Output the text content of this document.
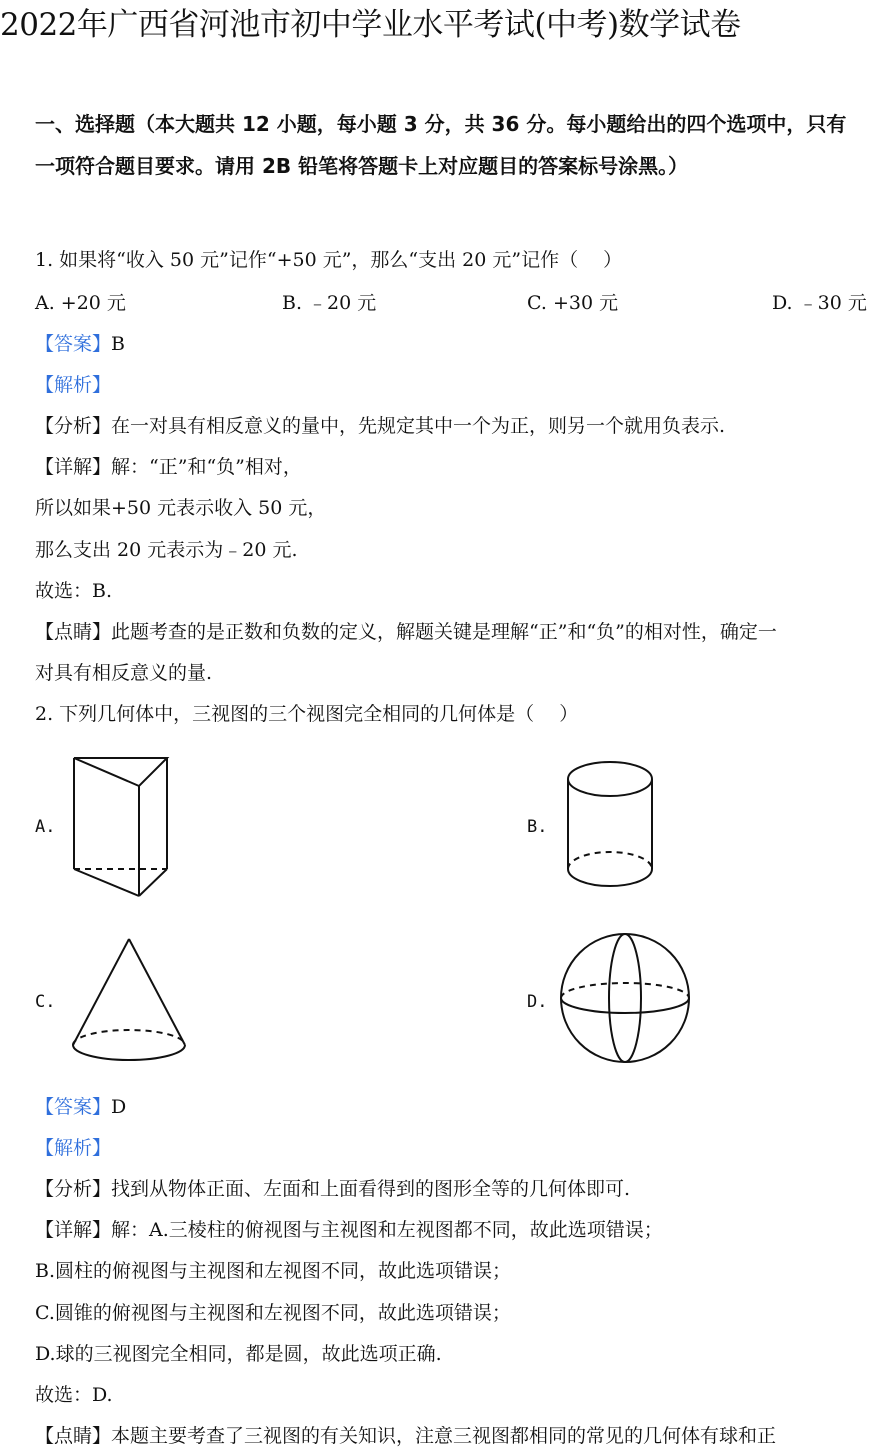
2022年广西省河池市初中学业水平考试(中考)数学试卷
一、选择题（本大题共 12 小题，每小题 3 分，共 36 分。每小题给出的四个选项中，只有一项符合题目要求。请用 2B 铅笔将答题卡上对应题目的答案标号涂黑。）
1. 如果将“收入 50 元”记作“+50 元”，那么“支出 20 元”记作（　 ）
A. +20 元	B. ﹣20 元	C. +30 元	D. ﹣30 元
【答案】B
【解析】
【分析】在一对具有相反意义的量中，先规定其中一个为正，则另一个就用负表示.
【详解】解：“正”和“负”相对，
所以如果+50 元表示收入 50 元，
那么支出 20 元表示为﹣20 元.
故选：B.
【点睛】此题考查的是正数和负数的定义，解题关键是理解“正”和“负”的相对性，确定一
对具有相反意义的量.
2. 下列几何体中，三视图的三个视图完全相同的几何体是（　 ）
A.	B.
C.	D.
【答案】D
【解析】
【分析】找到从物体正面、左面和上面看得到的图形全等的几何体即可.
【详解】解：A.三棱柱的俯视图与主视图和左视图都不同，故此选项错误；
B.圆柱的俯视图与主视图和左视图不同，故此选项错误；
C.圆锥的俯视图与主视图和左视图不同，故此选项错误；
D.球的三视图完全相同，都是圆，故此选项正确.
故选：D.
【点睛】本题主要考查了三视图的有关知识，注意三视图都相同的常见的几何体有球和正
